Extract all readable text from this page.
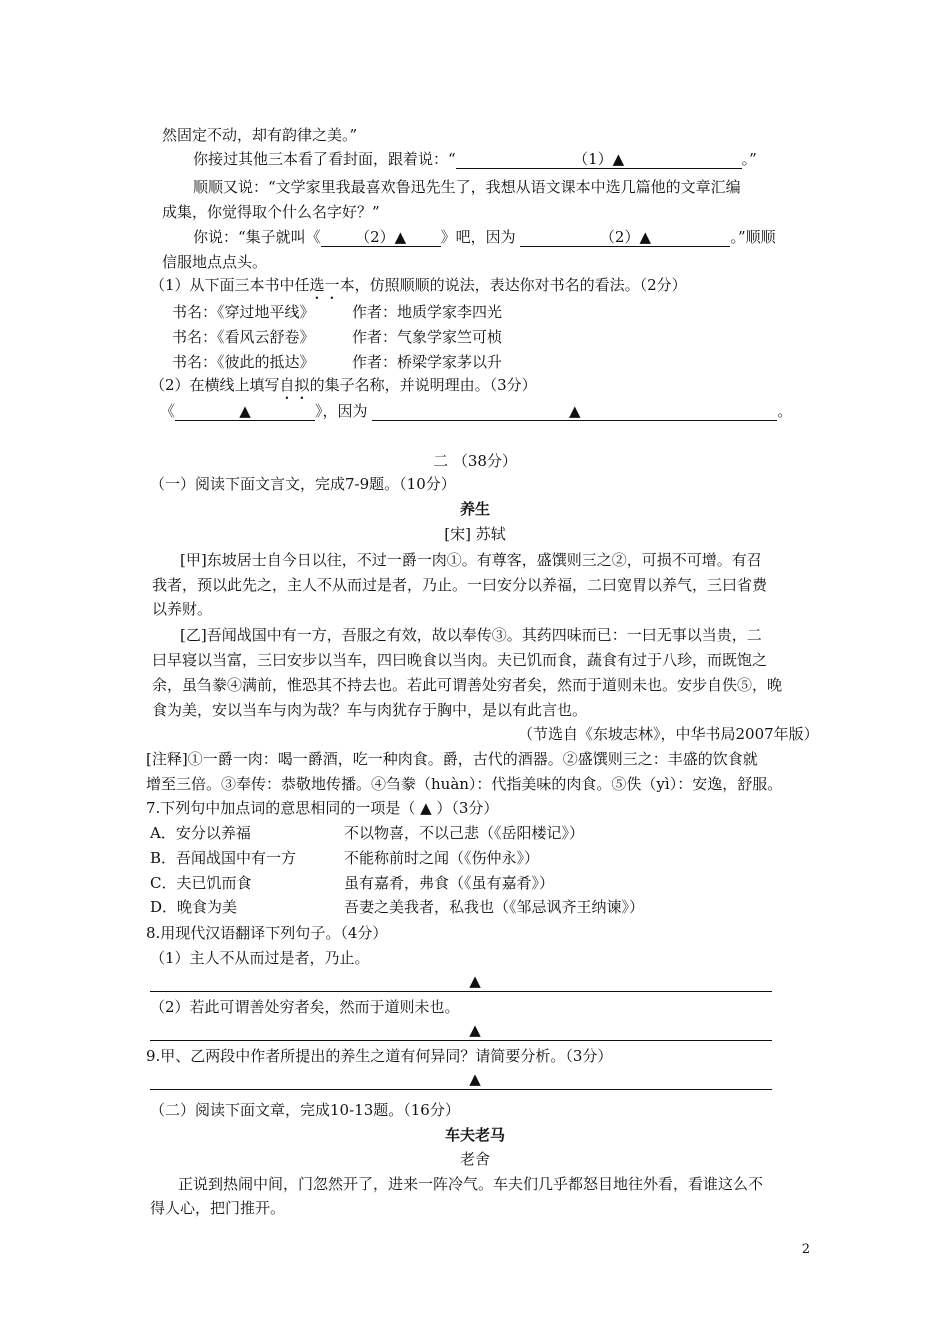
然固定不动，却有韵律之美。”
你接过其他三本看了看封面，跟着说：“	（1）▲	。”
顺顺又说：“文学家里我最喜欢鲁迅先生了，我想从语文课本中选几篇他的文章汇编
成集，你觉得取个什么名字好？”
你说：“集子就叫《 （2）▲ 》吧，因为	（2）▲	。”顺顺
信服地点点头。
（1）从下面三本书中任选一本，仿照顺顺的说法，表达你对书名的看法。（2分）
书名：《穿过地平线》 作者：地质学家李四光
书名：《看风云舒卷》 作者：气象学家竺可桢
书名：《彼此的抵达》 作者：桥梁学家茅以升
（2）在横线上填写自拟的集子名称，并说明理由。（3分）
《	▲	》，因为	▲	。
二 （38分）
（一）阅读下面文言文，完成7-9题。（10分）
养生
[宋] 苏轼
[甲]东坡居士自今日以往，不过一爵一肉①。有尊客，盛馔则三之②，可损不可增。有召
我者，预以此先之，主人不从而过是者，乃止。一曰安分以养福，二曰宽胃以养气，三曰省费
以养财。
[乙]吾闻战国中有一方，吾服之有效，故以奉传③。其药四味而已：一曰无事以当贵，二
曰早寝以当富，三曰安步以当车，四曰晚食以当肉。夫已饥而食，蔬食有过于八珍，而既饱之
余，虽刍豢④满前，惟恐其不持去也。若此可谓善处穷者矣，然而于道则未也。安步自佚⑤，晚
食为美，安以当车与肉为哉？车与肉犹存于胸中，是以有此言也。
（节选自《东坡志林》，中华书局2007年版）
[注释]①一爵一肉：喝一爵酒，吃一种肉食。爵，古代的酒器。②盛馔则三之：丰盛的饮食就
增至三倍。③奉传：恭敬地传播。④刍豢（huàn）：代指美味的肉食。⑤佚（yì）：安逸，舒服。
7.下列句中加点词的意思相同的一项是（ ▲ ）（3分）
A．安分以养福	不以物喜，不以己悲（《岳阳楼记》）
B．吾闻战国中有一方	不能称前时之闻（《伤仲永》）
C．夫已饥而食	虽有嘉肴，弗食（《虽有嘉肴》）
D．晚食为美	吾妻之美我者，私我也（《邹忌讽齐王纳谏》）
8.用现代汉语翻译下列句子。（4分）
（1）主人不从而过是者，乃止。
▲
（2）若此可谓善处穷者矣，然而于道则未也。
▲
9.甲、乙两段中作者所提出的养生之道有何异同？请简要分析。（3分）
▲
（二）阅读下面文章，完成10-13题。（16分）
车夫老马
老舍
正说到热闹中间，门忽然开了，进来一阵冷气。车夫们几乎都怒目地往外看，看谁这么不
得人心，把门推开。
2
